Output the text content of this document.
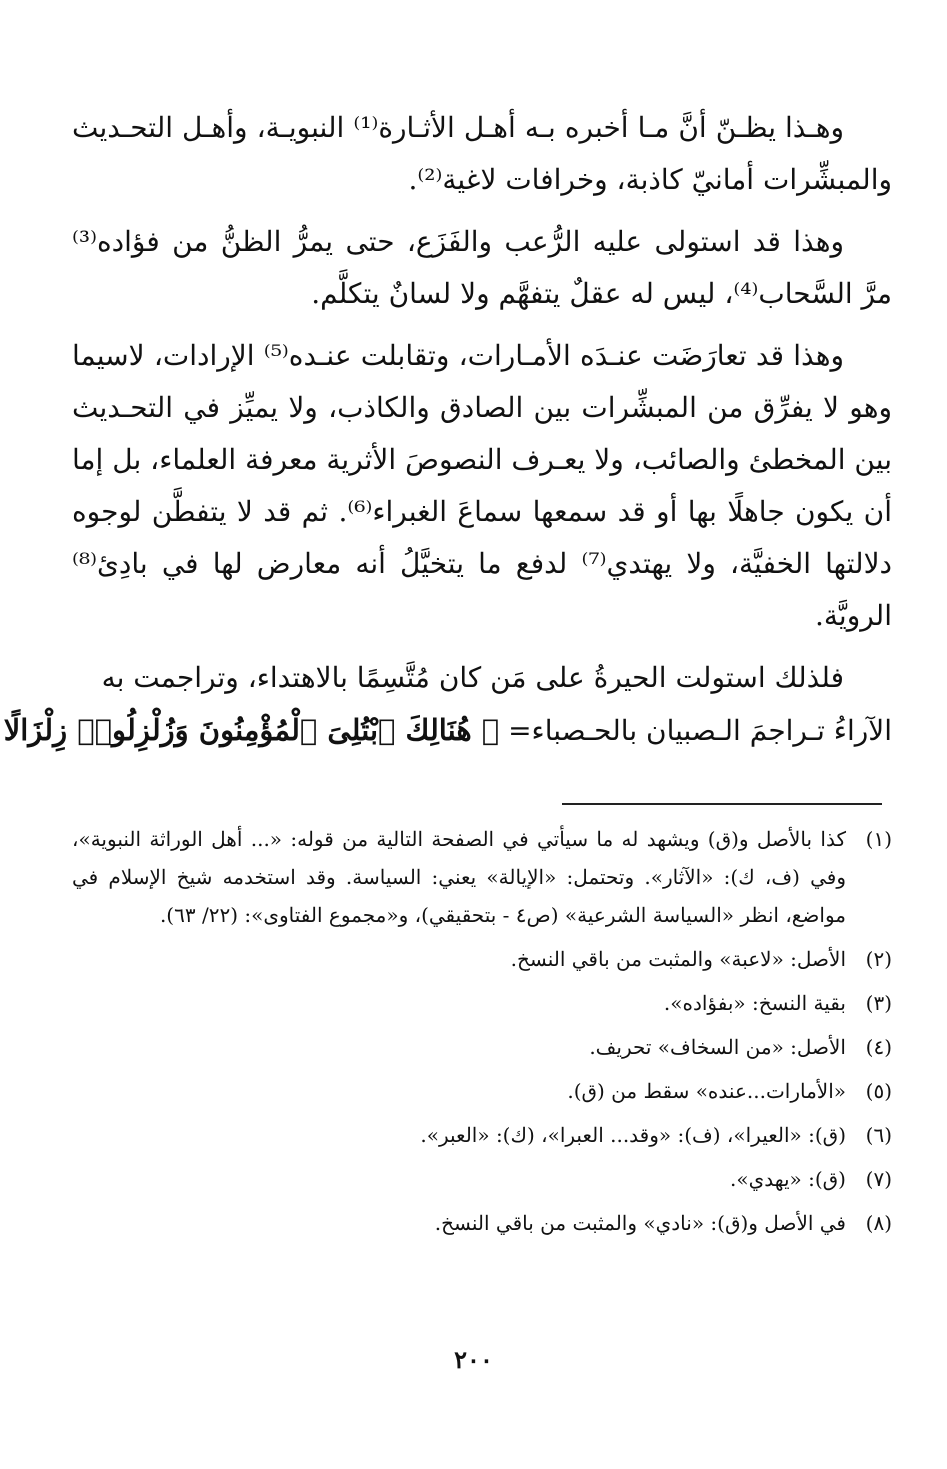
وهـذا يظـنّ أنَّ مـا أخبره بـه أهـل الأثـارة⁽¹⁾ النبويـة، وأهـل التحـديث والمبشِّرات أمانيّ كاذبة، وخرافات لاغية⁽²⁾.

وهذا قد استولى عليه الرُّعب والفَزَع، حتى يمرُّ الظنُّ من فؤاده⁽³⁾ مرَّ السَّحاب⁽⁴⁾، ليس له عقلٌ يتفهَّم ولا لسانٌ يتكلَّم.

وهذا قد تعارَضَت عنـدَه الأمـارات، وتقابلت عنـده⁽⁵⁾ الإرادات، لاسيما وهو لا يفرِّق من المبشِّرات بين الصادق والكاذب، ولا يميِّز في التحـديث بين المخطئ والصائب، ولا يعـرف النصوصَ الأثرية معرفة العلماء، بل إما أن يكون جاهلًا بها أو قد سمعها سماعَ الغبراء⁽⁶⁾. ثم قد لا يتفطَّن لوجوه دلالتها الخفيَّة، ولا يهتدي⁽⁷⁾ لدفع ما يتخيَّلُ أنه معارض لها في بادِئ⁽⁸⁾ الرويَّة.

فلذلك استولت الحيرةُ على مَن كان مُتَّسِمًا بالاهتداء، وتراجمت به

الآراءُ تـراجمَ الـصبيان بالحـصباء= ﴿ هُنَالِكَ ٱبْتُلِىَ ٱلْمُؤْمِنُونَ وَزُلْزِلُوا۟ زِلْزَالًا

(١)
كذا بالأصل و(ق) ويشهد له ما سيأتي في الصفحة التالية من قوله: «... أهل الوراثة النبوية»، وفي (ف، ك): «الآثار». وتحتمل: «الإيالة» يعني: السياسة. وقد استخدمه شيخ الإسلام في مواضع، انظر «السياسة الشرعية» (ص٤ - بتحقيقي)، و«مجموع الفتاوى»: (٢٢/ ٦٣).
(٢)
الأصل: «لاعبة» والمثبت من باقي النسخ.
(٣)
بقية النسخ: «بفؤاده».
(٤)
الأصل: «من السخاف» تحريف.
(٥)
«الأمارات...عنده» سقط من (ق).
(٦)
(ق): «العيرا»، (ف): «وقد... العبرا»، (ك): «العبر».
(٧)
(ق): «يهدي».
(٨)
في الأصل و(ق): «نادي» والمثبت من باقي النسخ.
٢٠٠
